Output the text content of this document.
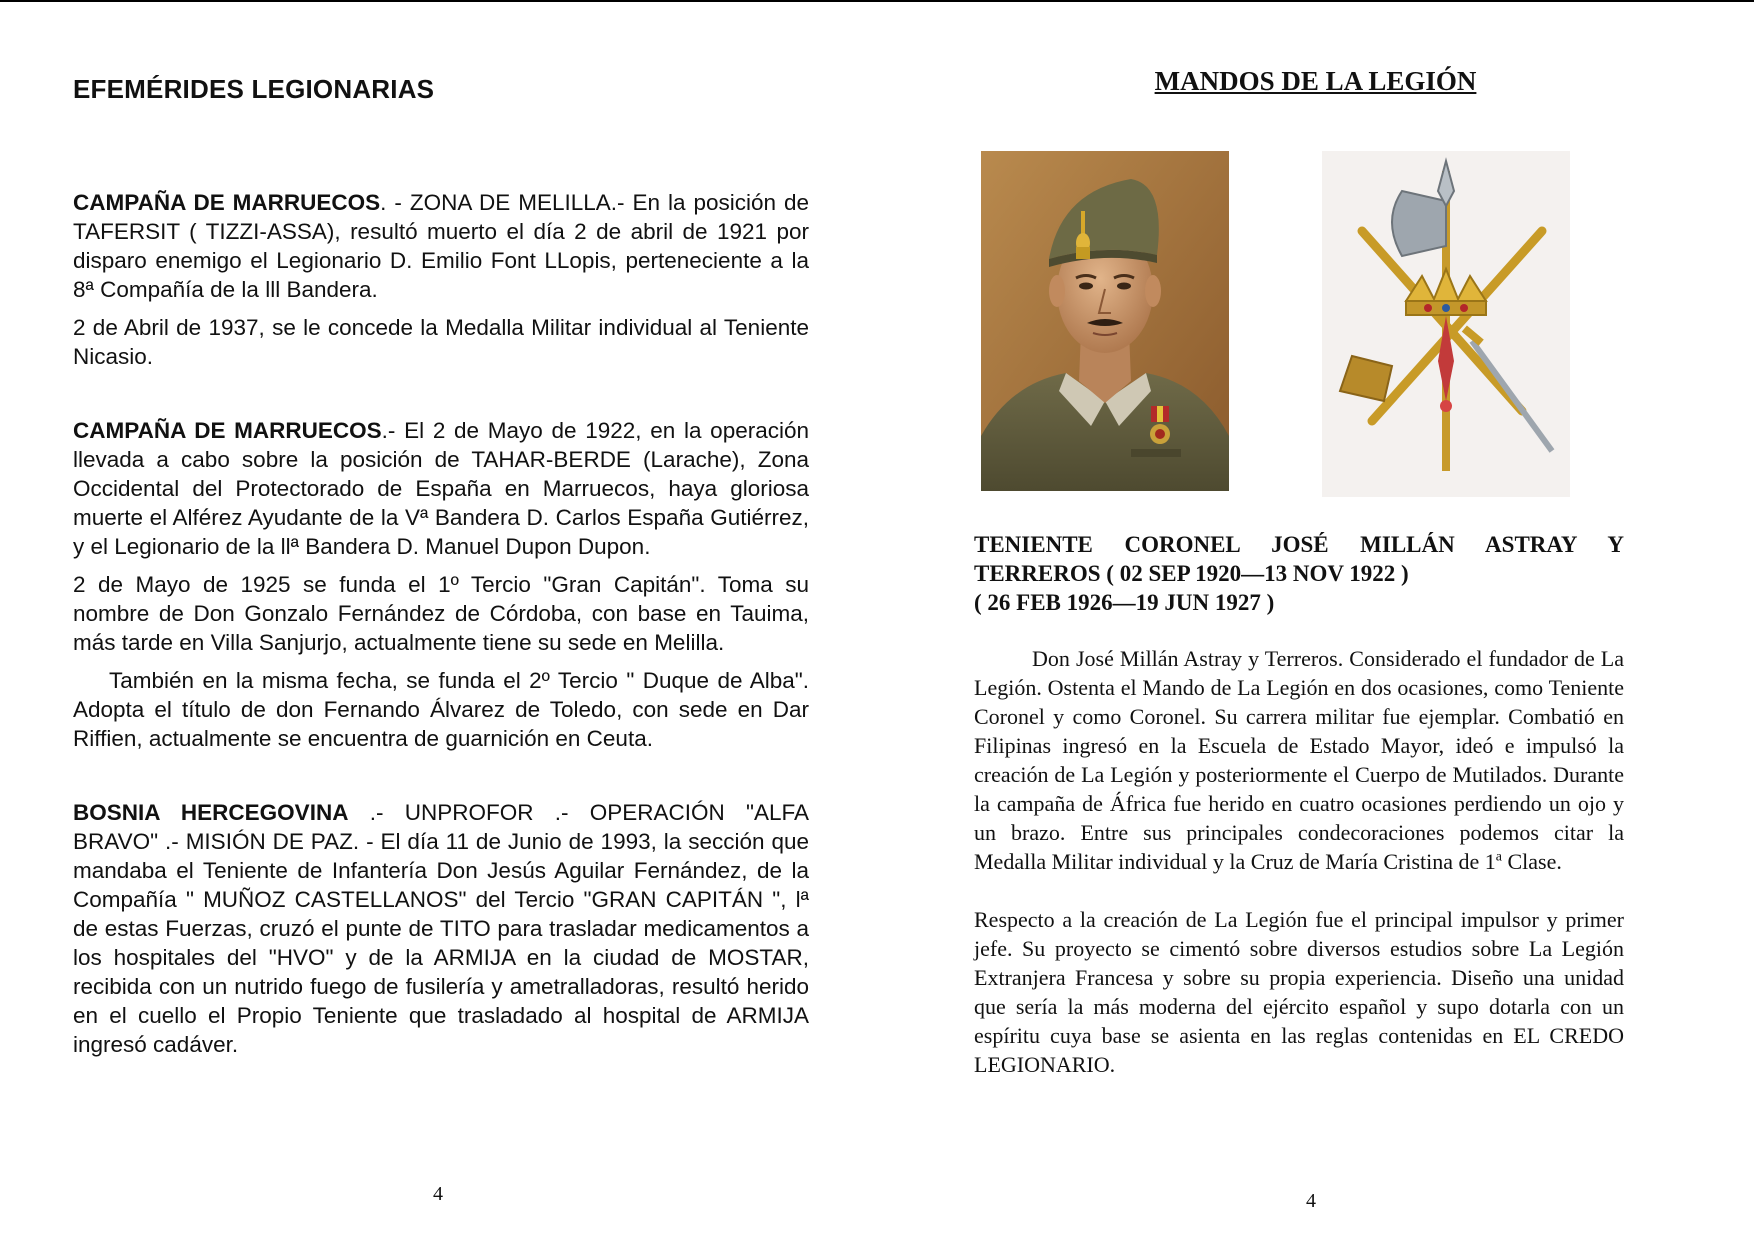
EFEMÉRIDES LEGIONARIAS

CAMPAÑA DE MARRUECOS. - ZONA DE MELILLA.- En la posición de TAFERSIT ( TIZZI-ASSA), resultó muerto el día 2 de abril de 1921 por disparo enemigo el Legionario D. Emilio Font LLopis, perteneciente a la 8ª Compañía de la lll Bandera.

2 de Abril de 1937, se le concede la Medalla Militar individual al Teniente Nicasio.

CAMPAÑA DE MARRUECOS.- El 2 de Mayo de 1922, en la operación llevada a cabo sobre la posición de TAHAR-BERDE (Larache), Zona Occidental del Protectorado de España en Marruecos, haya gloriosa muerte el Alférez Ayudante de la Vª Bandera D. Carlos España Gutiérrez, y el Legionario de la llª Bandera D. Manuel Dupon Dupon.

2 de Mayo de 1925 se funda el 1º Tercio "Gran Capitán". Toma su nombre de Don Gonzalo Fernández de Córdoba, con base en Tauima, más tarde en Villa Sanjurjo, actualmente tiene su sede en Melilla.

También en la misma fecha, se funda el 2º Tercio " Duque de Alba". Adopta el título de don Fernando Álvarez de Toledo, con sede en Dar Riffien, actualmente se encuentra de guarnición en Ceuta.

BOSNIA HERCEGOVINA .- UNPROFOR .- OPERACIÓN "ALFA BRAVO" .- MISIÓN DE PAZ. - El día 11 de Junio de 1993, la sección que mandaba el Teniente de Infantería Don Jesús Aguilar Fernández, de la Compañía " MUÑOZ CASTELLANOS" del Tercio "GRAN CAPITÁN ", lª de estas Fuerzas, cruzó el punte de TITO para trasladar medicamentos a los hospitales del "HVO" y de la ARMIJA en la ciudad de MOSTAR, recibida con un nutrido fuego de fusilería y ametralladoras, resultó herido en el cuello el Propio Teniente que trasladado al hospital de ARMIJA ingresó cadáver.

4
MANDOS DE LA LEGIÓN

TENIENTE CORONEL JOSÉ MILLÁN ASTRAY Y TERREROS ( 02 SEP 1920—13 NOV 1922 )

( 26 FEB 1926—19 JUN 1927 )

Don José Millán Astray y Terreros. Considerado el fundador de La Legión. Ostenta el Mando de La Legión en dos ocasiones, como Teniente Coronel y como Coronel. Su carrera militar fue ejemplar. Combatió en Filipinas ingresó en la Escuela de Estado Mayor, ideó e impulsó la creación de La Legión y posteriormente el Cuerpo de Mutilados. Durante la campaña de África fue herido en cuatro ocasiones perdiendo un ojo y un brazo. Entre sus principales condecoraciones podemos citar la Medalla Militar individual y la Cruz de María Cristina de 1$^a$ Clase.

Respecto a la creación de La Legión fue el principal impulsor y primer jefe. Su proyecto se cimentó sobre diversos estudios sobre La Legión Extranjera Francesa y sobre su propia experiencia. Diseño una unidad que sería la más moderna del ejército español y supo dotarla con un espíritu cuya base se asienta en las reglas contenidas en EL CREDO LEGIONARIO.

4
